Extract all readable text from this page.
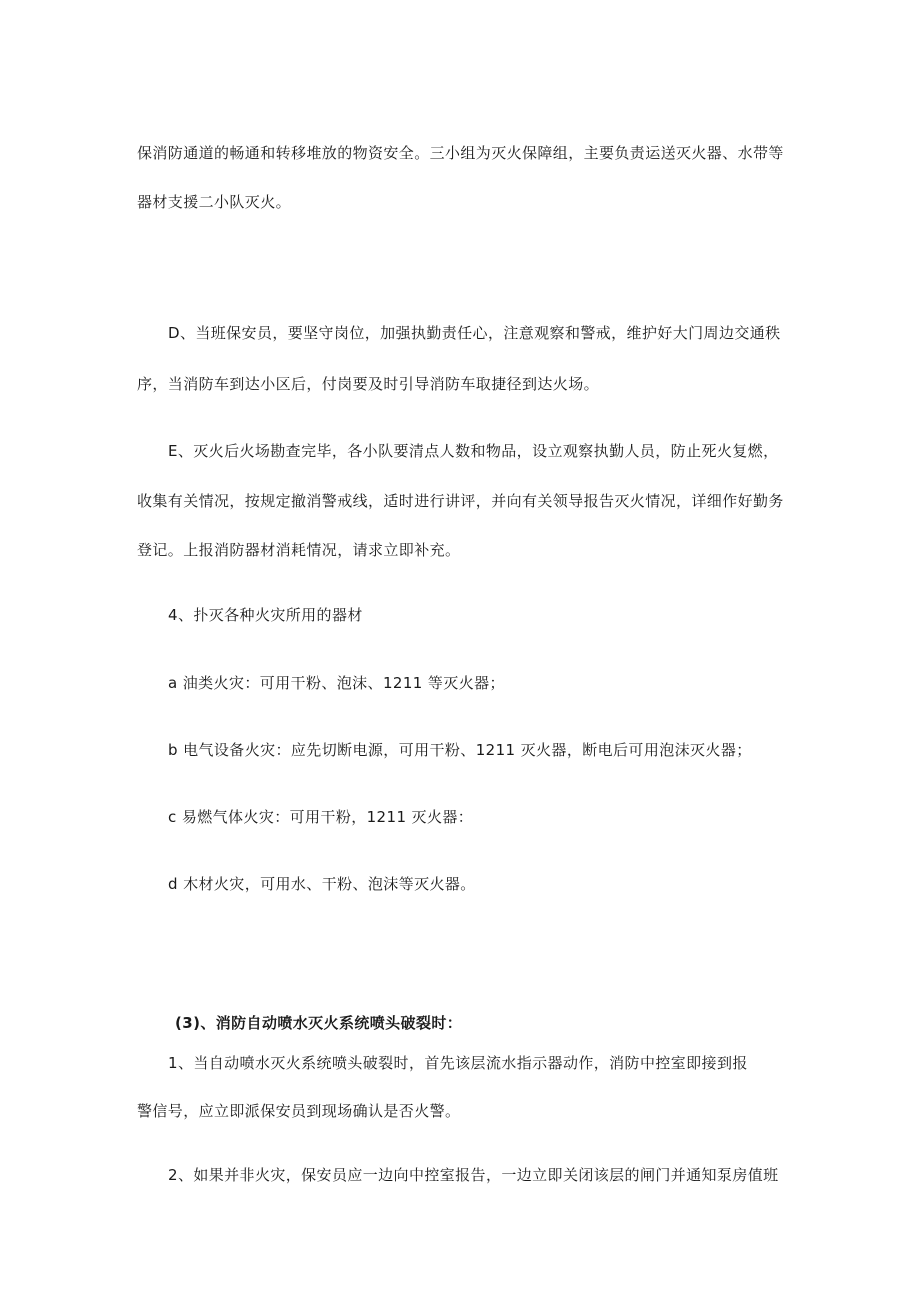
保消防通道的畅通和转移堆放的物资安全。三小组为灭火保障组，主要负责运送灭火器、水带等
器材支援二小队灭火。
D、当班保安员，要坚守岗位，加强执勤责任心，注意观察和警戒，维护好大门周边交通秩
序，当消防车到达小区后，付岗要及时引导消防车取捷径到达火场。
E、灭火后火场勘查完毕，各小队要清点人数和物品，设立观察执勤人员，防止死火复燃，
收集有关情况，按规定撤消警戒线，适时进行讲评，并向有关领导报告灭火情况，详细作好勤务
登记。上报消防器材消耗情况，请求立即补充。
4、扑灭各种火灾所用的器材
a 油类火灾：可用干粉、泡沫、1211 等灭火器；
b 电气设备火灾：应先切断电源，可用干粉、1211 灭火器，断电后可用泡沫灭火器；
c 易燃气体火灾：可用干粉，1211 灭火器：
d 木材火灾，可用水、干粉、泡沫等灭火器。
(3)、消防自动喷水灭火系统喷头破裂时：
1、当自动喷水灭火系统喷头破裂时，首先该层流水指示器动作，消防中控室即接到报
警信号，应立即派保安员到现场确认是否火警。
2、如果并非火灾，保安员应一边向中控室报告，一边立即关闭该层的闸门并通知泵房值班
